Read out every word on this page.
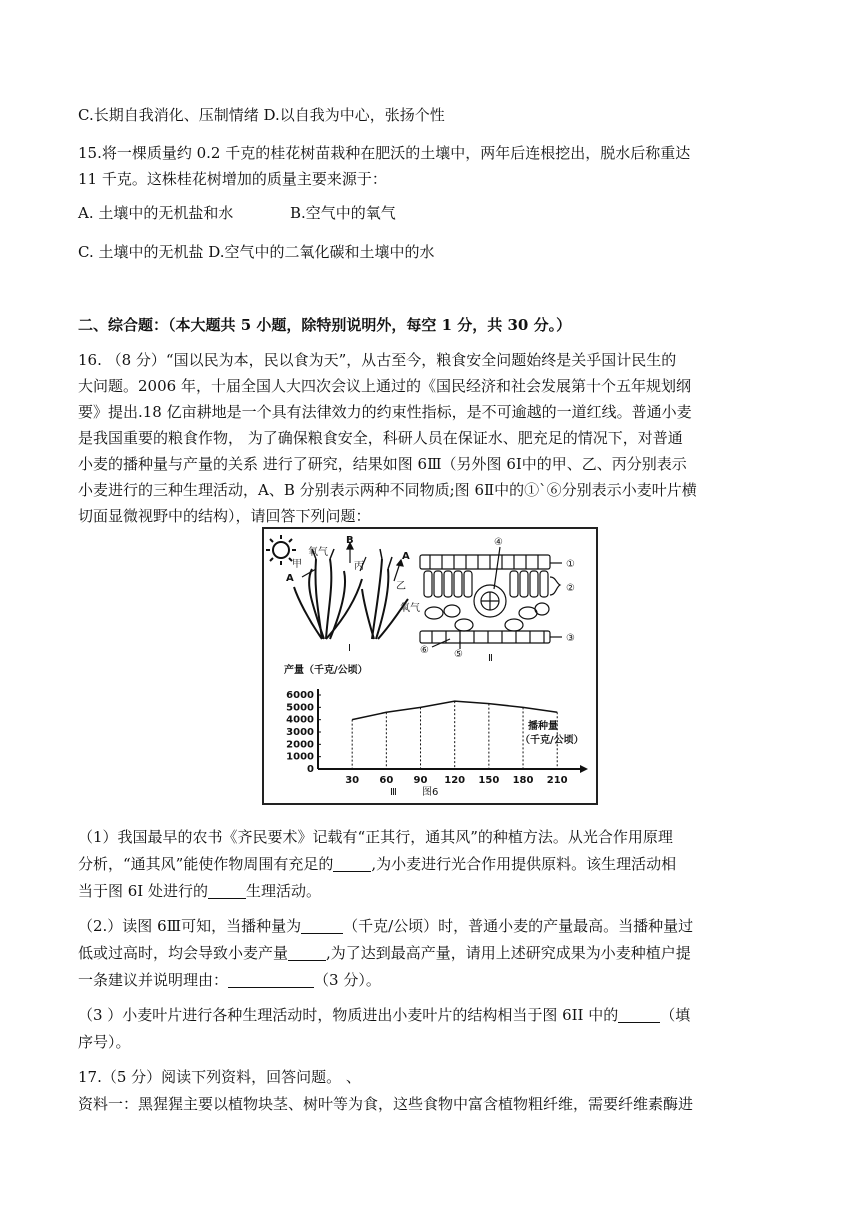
C.长期自我消化、压制情绪 D.以自我为中心，张扬个性
15.将一棵质量约 0.2 千克的桂花树苗栽种在肥沃的土壤中，两年后连根挖出，脱水后称重达
11 千克。这株桂花树增加的质量主要来源于：
A. 土壤中的无机盐和水	B.空气中的氧气
C. 土壤中的无机盐 D.空气中的二氧化碳和土壤中的水
二、综合题：（本大题共 5 小题，除特别说明外，每空 1 分，共 30 分。）
16. （8 分）“国以民为本，民以食为天”，从古至今，粮食安全问题始终是关乎国计民生的
大问题。2006 年，十届全国人大四次会议上通过的《国民经济和社会发展第十个五年规划纲
要》提出.18 亿亩耕地是一个具有法律效力的约束性指标，是不可逾越的一道红线。普通小麦
是我国重要的粮食作物， 为了确保粮食安全，科研人员在保证水、肥充足的情况下，对普通
小麦的播种量与产量的关系 进行了研究，结果如图 6Ⅲ（另外图 6Ⅰ中的甲、乙、丙分别表示
小麦进行的三种生理活动，A、B 分别表示两种不同物质;图 6Ⅱ中的①`⑥分别表示小麦叶片横
切面显微视野中的结构），请回答下列问题：
氧气
甲
A
B
丙
A
乙
氧气
I
④
①
②
③
⑥	⑤	Ⅱ
产量（千克/公顷）
0
1000
2000
3000
4000
5000
6000
30 60 90 120 150 180 210
播种量
（千克/公顷）
Ⅲ	图6
（1）我国最早的农书《齐民要术》记载有“正其行，通其风”的种植方法。从光合作用原理
分析，“通其风”能使作物周围有充足的	,为小麦进行光合作用提供原料。该生理活动相
当于图 6I 处进行的	生理活动。
（2.）读图 6Ⅲ可知，当播种量为	（千克/公顷）时，普通小麦的产量最高。当播种量过
低或过高时，均会导致小麦产量	,为了达到最高产量，请用上述研究成果为小麦种植户提
一条建议并说明理由：	（3 分）。
（3 ）小麦叶片进行各种生理活动时，物质进出小麦叶片的结构相当于图 6II 中的	（填
序号）。
17.（5 分）阅读下列资料，回答问题。 、
资料一：黑猩猩主要以植物块茎、树叶等为食，这些食物中富含植物粗纤维，需要纤维素酶进
